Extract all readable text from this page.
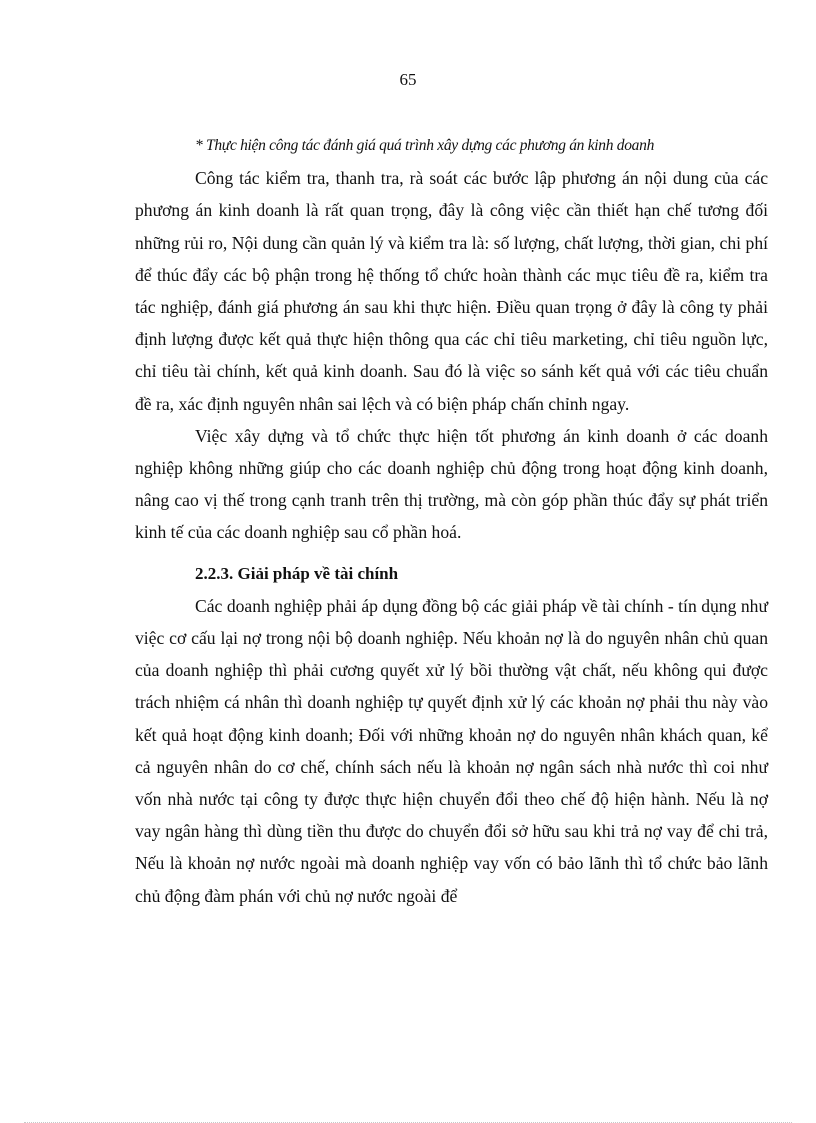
65

* Thực hiện công tác đánh giá quá trình xây dựng các phương án kinh doanh

Công tác kiểm tra, thanh tra, rà soát các bước lập phương án nội dung của các phương án kinh doanh là rất quan trọng, đây là công việc cần thiết hạn chế tương đối những rủi ro, Nội dung cần quản lý và kiểm tra là: số lượng, chất lượng, thời gian, chi phí để thúc đẩy các bộ phận trong hệ thống tổ chức hoàn thành các mục tiêu đề ra, kiểm tra tác nghiệp, đánh giá phương án sau khi thực hiện. Điều quan trọng ở đây là công ty phải định lượng được kết quả thực hiện thông qua các chỉ tiêu marketing, chỉ tiêu nguồn lực, chỉ tiêu tài chính, kết quả kinh doanh. Sau đó là việc so sánh kết quả với các tiêu chuẩn đề ra, xác định nguyên nhân sai lệch và có biện pháp chấn chỉnh ngay.

Việc xây dựng và tổ chức thực hiện tốt phương án kinh doanh ở các doanh nghiệp không những giúp cho các doanh nghiệp chủ động trong hoạt động kinh doanh, nâng cao vị thế trong cạnh tranh trên thị trường, mà còn góp phần thúc đẩy sự phát triển kinh tế của các doanh nghiệp sau cổ phần hoá.

2.2.3. Giải pháp về tài chính

Các doanh nghiệp phải áp dụng đồng bộ các giải pháp về tài chính - tín dụng như việc cơ cấu lại nợ trong nội bộ doanh nghiệp. Nếu khoản nợ là do nguyên nhân chủ quan của doanh nghiệp thì phải cương quyết xử lý bồi thường vật chất, nếu không qui được trách nhiệm cá nhân thì doanh nghiệp tự quyết định xử lý các khoản nợ phải thu này vào kết quả hoạt động kinh doanh; Đối với những khoản nợ do nguyên nhân khách quan, kể cả nguyên nhân do cơ chế, chính sách nếu là khoản nợ ngân sách nhà nước thì coi như vốn nhà nước tại công ty được thực hiện chuyển đổi theo chế độ hiện hành. Nếu là nợ vay ngân hàng thì dùng tiền thu được do chuyển đổi sở hữu sau khi trả nợ vay để chi trả, Nếu là khoản nợ nước ngoài mà doanh nghiệp vay vốn có bảo lãnh thì tổ chức bảo lãnh chủ động đàm phán với chủ nợ nước ngoài để
